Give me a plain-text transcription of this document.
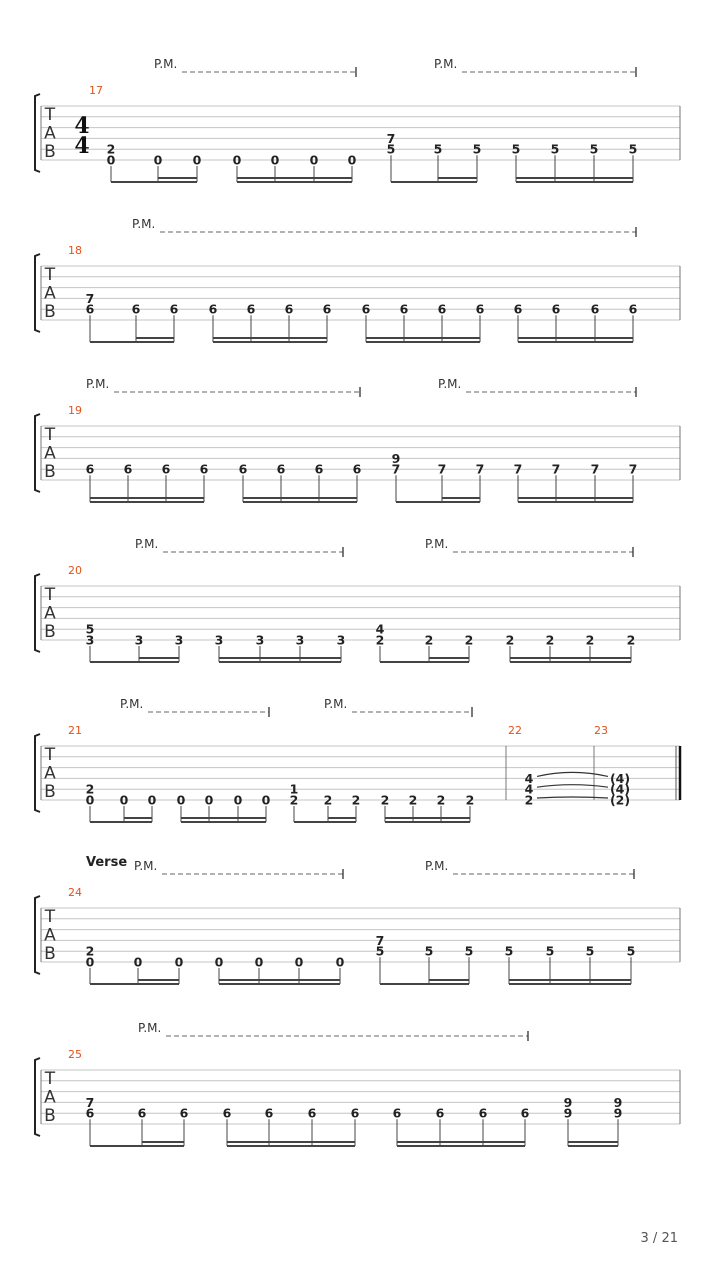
T
A
B
4
4
17
P.M.	P.M.
2
0	0 0	0 0 0 0
7
5	5 5 5 5 5 5
T
A
B
18
P.M.
7
6	6 6 6 6 6 6 6 6 6 6 6 6 6 6
T
A
B
19
P.M.	P.M.
6 6 6 6 6 6 6 6
9
7	7 7 7 7 7 7
T
A
B
20
P.M.	P.M.
5
3	3	3	3	3	3	3
4
2	2	2	2	2	2	2
T
A
B
21	22	23
P.M.	P.M.
2
0 0 0 0 0 0 0
1
2 2 2 2 2 2 2
4
4
2
(4)
(4)
(2)
T
A
B
24
P.M.	P.M.
2
0	0	0	0	0	0	0
7
5	5	5	5	5	5	5
T
A
B
25
P.M.
7
6	6	6	6	6	6	6	6	6	6	6
9
9
9
9
Verse
3 / 21
